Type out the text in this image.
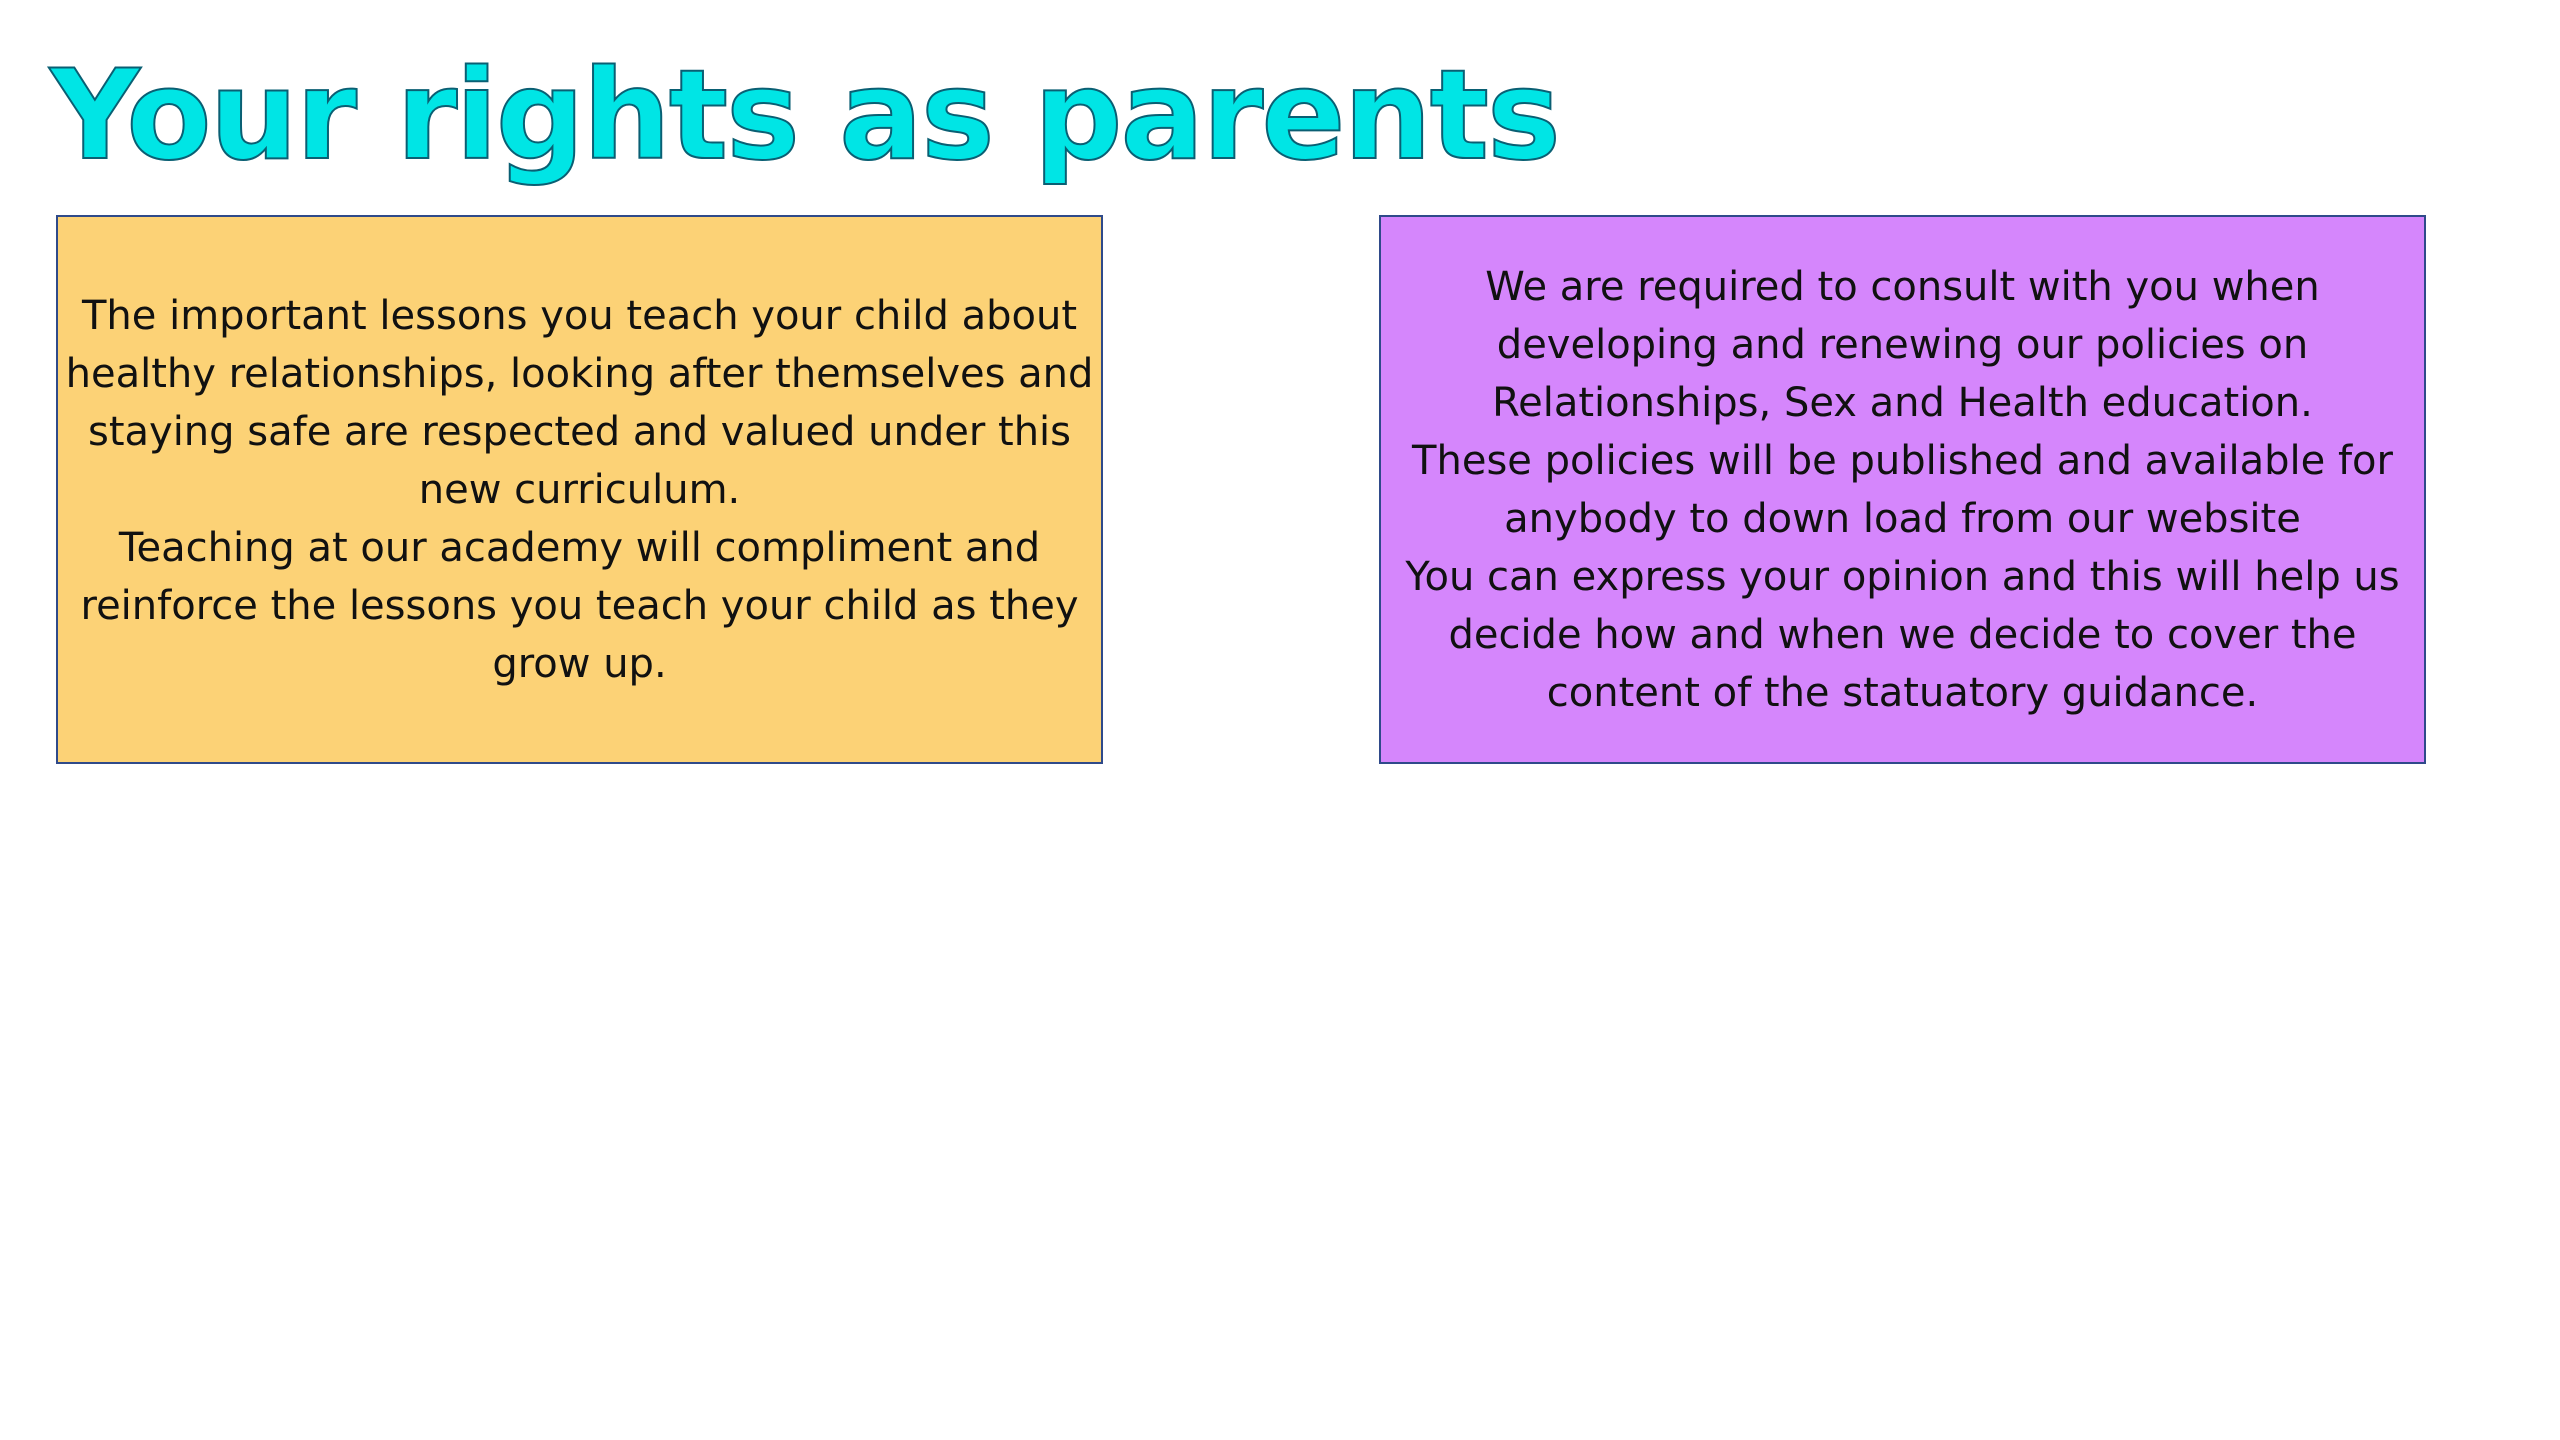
Your rights as parents
The important lessons you teach your child about
healthy relationships, looking after themselves and
staying safe are respected and valued under this
new curriculum.
Teaching at our academy will compliment and
reinforce the lessons you teach your child as they
grow up.
We are required to consult with you when
developing and renewing our policies on
Relationships, Sex and Health education.
These policies will be published and available for
anybody to down load from our website
You can express your opinion and this will help us
decide how and when we decide to cover the
content of the statuatory guidance.
